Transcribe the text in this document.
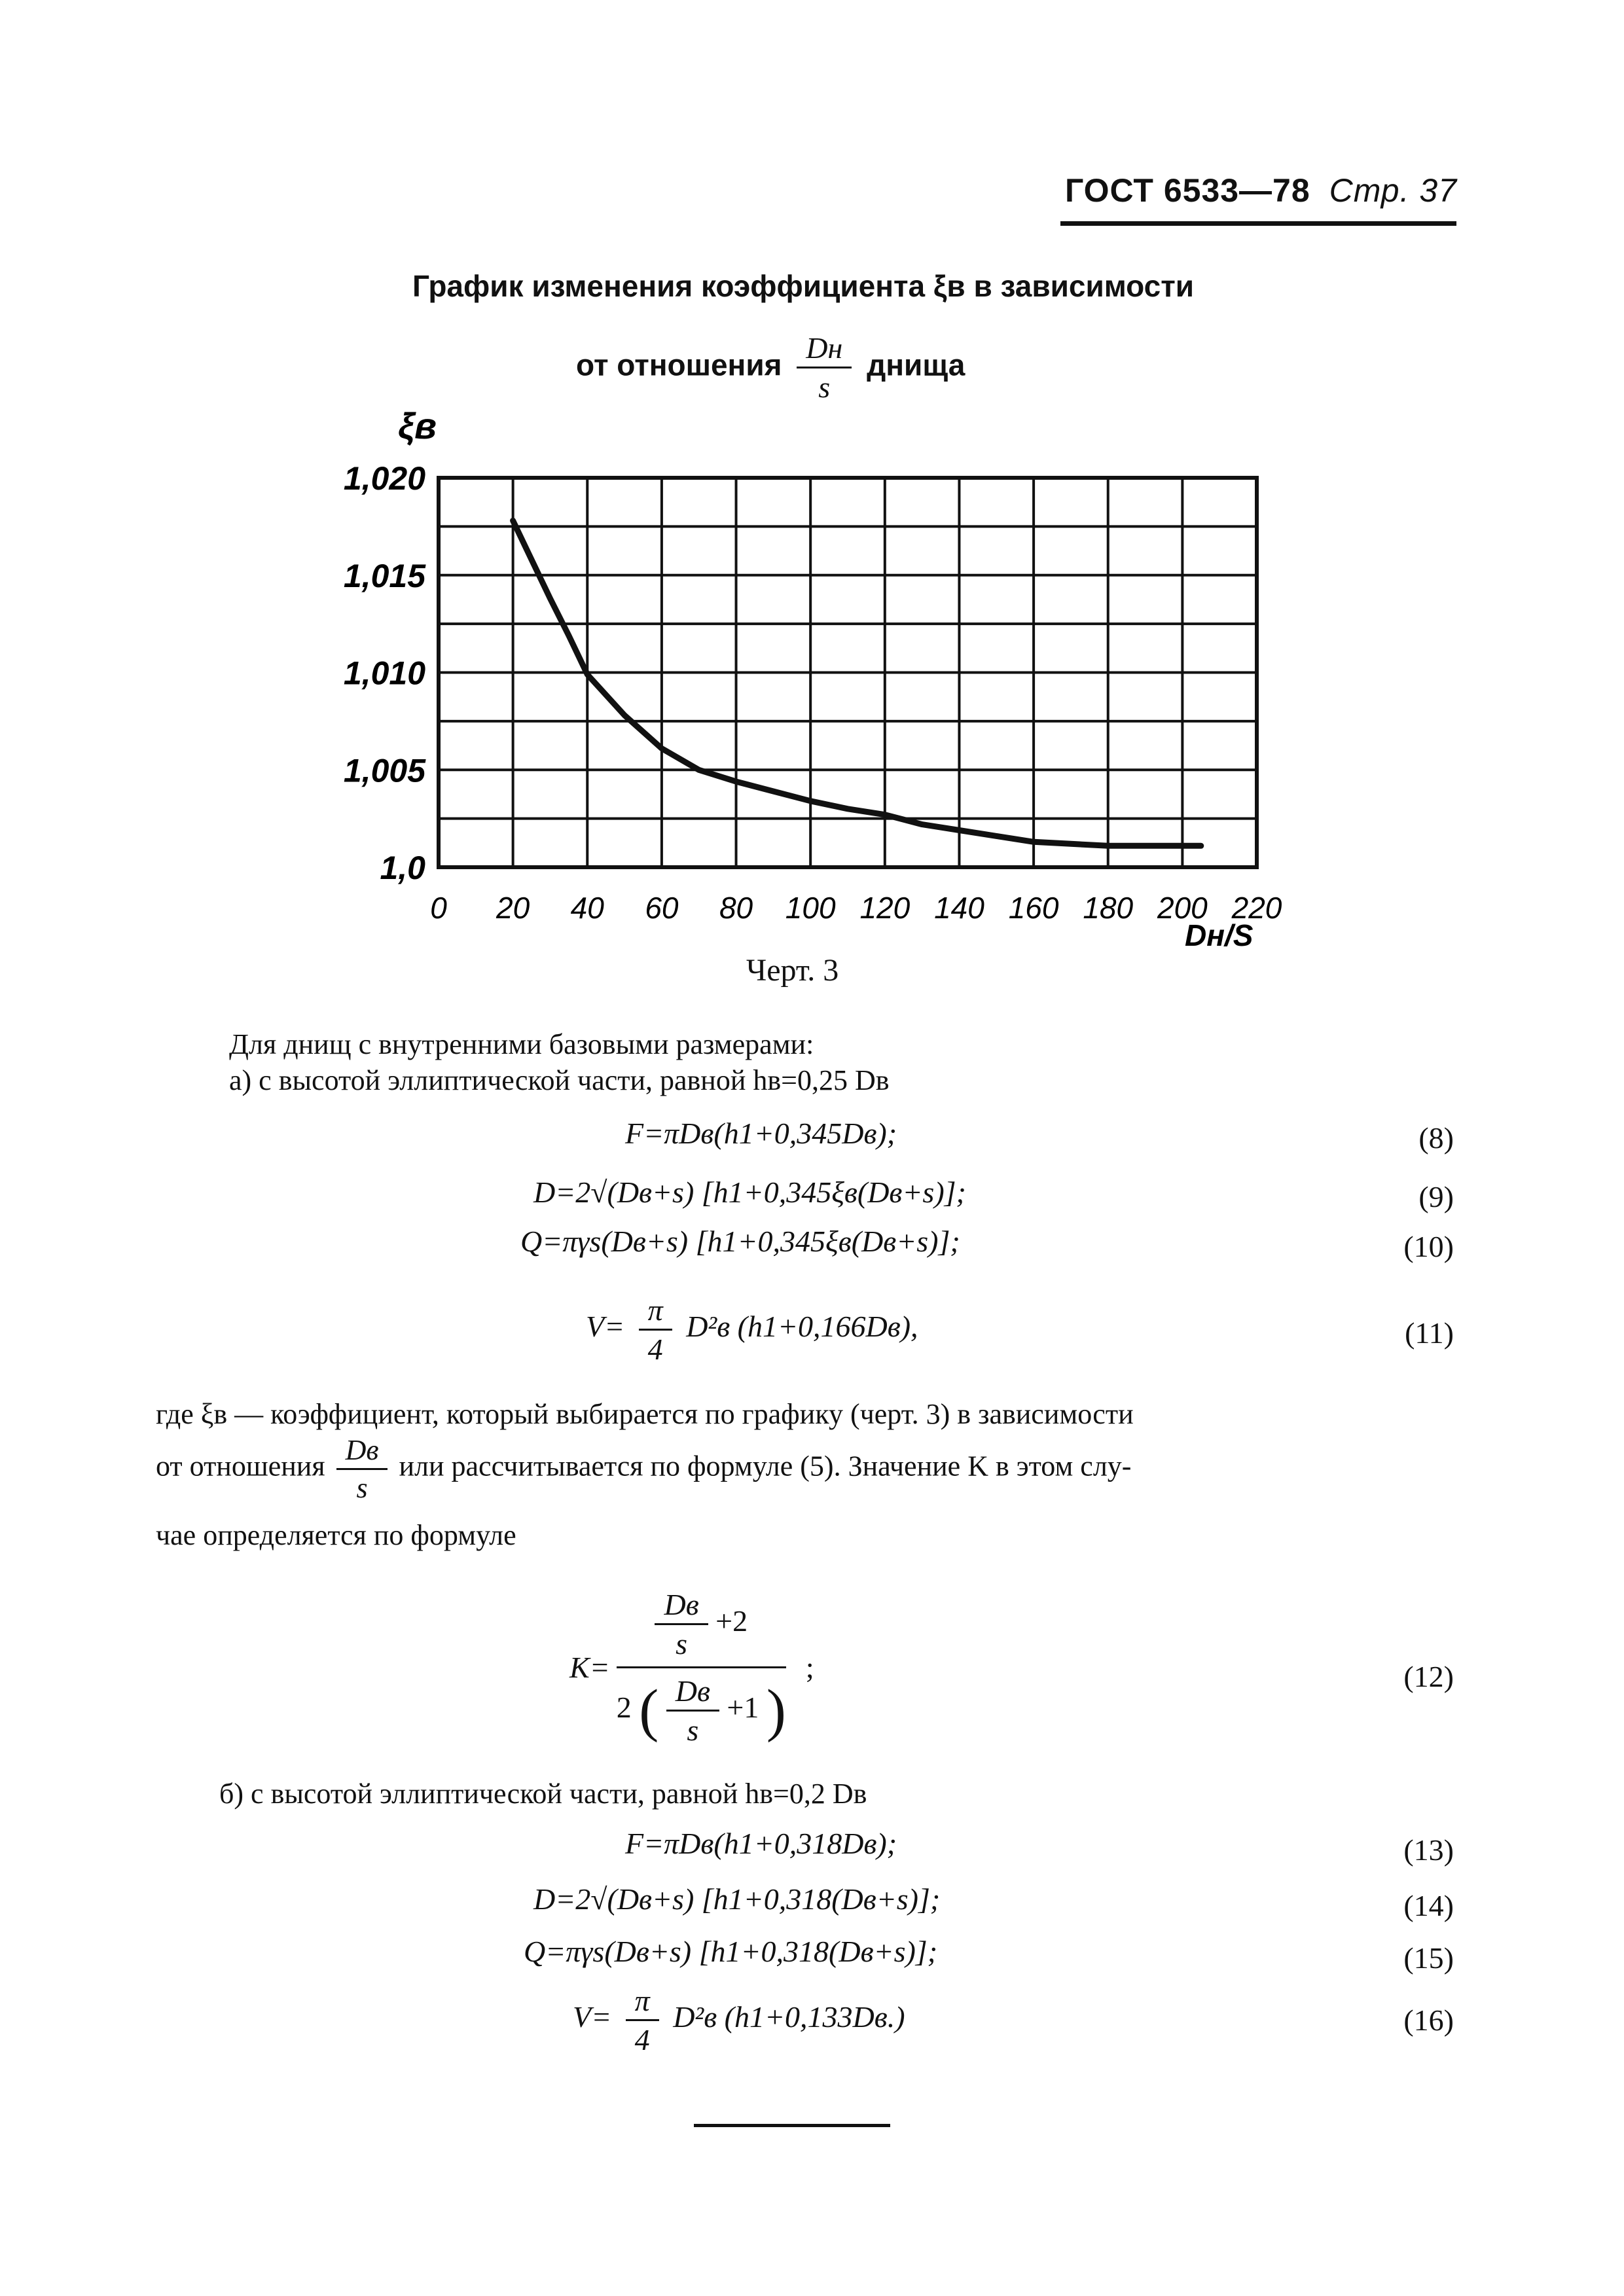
ГОСТ 6533—78 Стр. 37
График изменения коэффициента ξв в зависимости
от отношения $\frac{Dн}{s}$ днища
ξв
1,0
1,005
1,010
1,015
1,020
0 20 40 60 80 100 120 140 160 180 200 220
Dн/S
Черт. 3
Для днищ с внутренними базовыми размерами:
а) с высотой эллиптической части, равной hв=0,25 Dв
F=πDв(h1+0,345Dв);	(8)
D=2√(Dв+s) [h1+0,345ξв(Dв+s)];	(9)
Q=πγs(Dв+s) [h1+0,345ξв(Dв+s)];	(10)
$V= \frac{\pi}{4} D^2в$ (h1+0,166Dв),	(11)
где ξв — коэффициент, который выбирается по графику (черт. 3) в зависимости
от отношения $\frac{Dв}{s}$ или рассчитывается по формуле (5). Значение K в этом слу-
чае определяется по формуле
K=
$\frac{Dв}{s} +2$
2 ( $\frac{Dв}{s} +1$ )
;	(12)
б) с высотой эллиптической части, равной hв=0,2 Dв
F=πDв(h1+0,318Dв);	(13)
D=2√(Dв+s) [h1+0,318(Dв+s)];	(14)
Q=πγs(Dв+s) [h1+0,318(Dв+s)];	(15)
$V= \frac{\pi}{4} D^2в$ (h1+0,133Dв.)	(16)
